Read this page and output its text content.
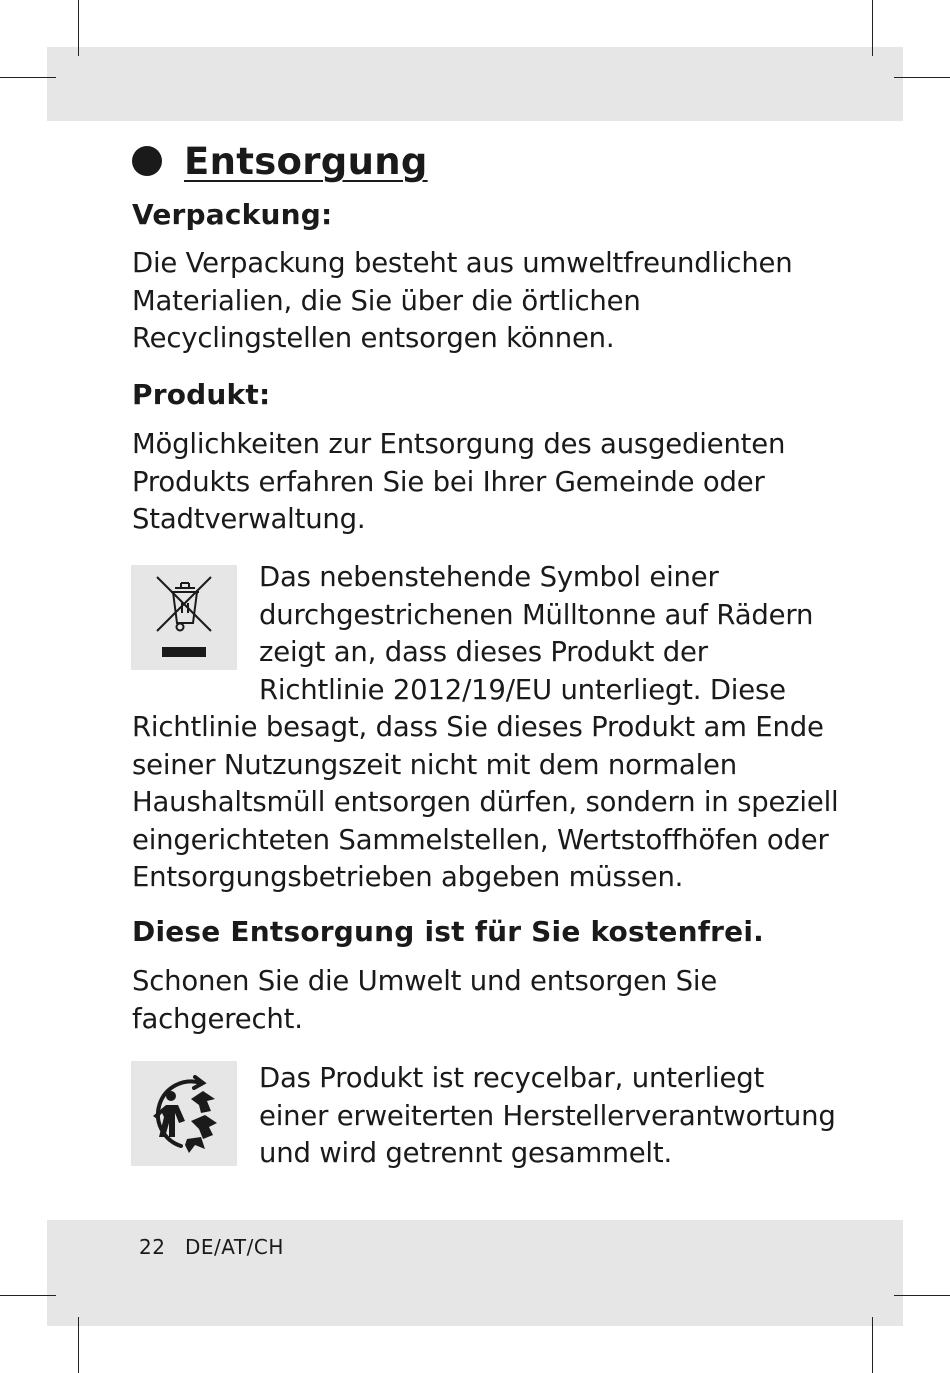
Entsorgung
Verpackung:
Die Verpackung besteht aus umweltfreundlichen
Materialien, die Sie über die örtlichen
Recyclingstellen entsorgen können.
Produkt:
Möglichkeiten zur Entsorgung des ausgedienten
Produkts erfahren Sie bei Ihrer Gemeinde oder
Stadtverwaltung.
Das nebenstehende Symbol einer
durchgestrichenen Mülltonne auf Rädern
zeigt an, dass dieses Produkt der
Richtlinie 2012/19/EU unterliegt. Diese
Richtlinie besagt, dass Sie dieses Produkt am Ende
seiner Nutzungszeit nicht mit dem normalen
Haushaltsmüll entsorgen dürfen, sondern in speziell
eingerichteten Sammelstellen, Wertstoffhöfen oder
Entsorgungsbetrieben abgeben müssen.
Diese Entsorgung ist für Sie kostenfrei.
Schonen Sie die Umwelt und entsorgen Sie
fachgerecht.
Das Produkt ist recycelbar, unterliegt
einer erweiterten Herstellerverantwortung
und wird getrennt gesammelt.
22 DE/AT/CH
